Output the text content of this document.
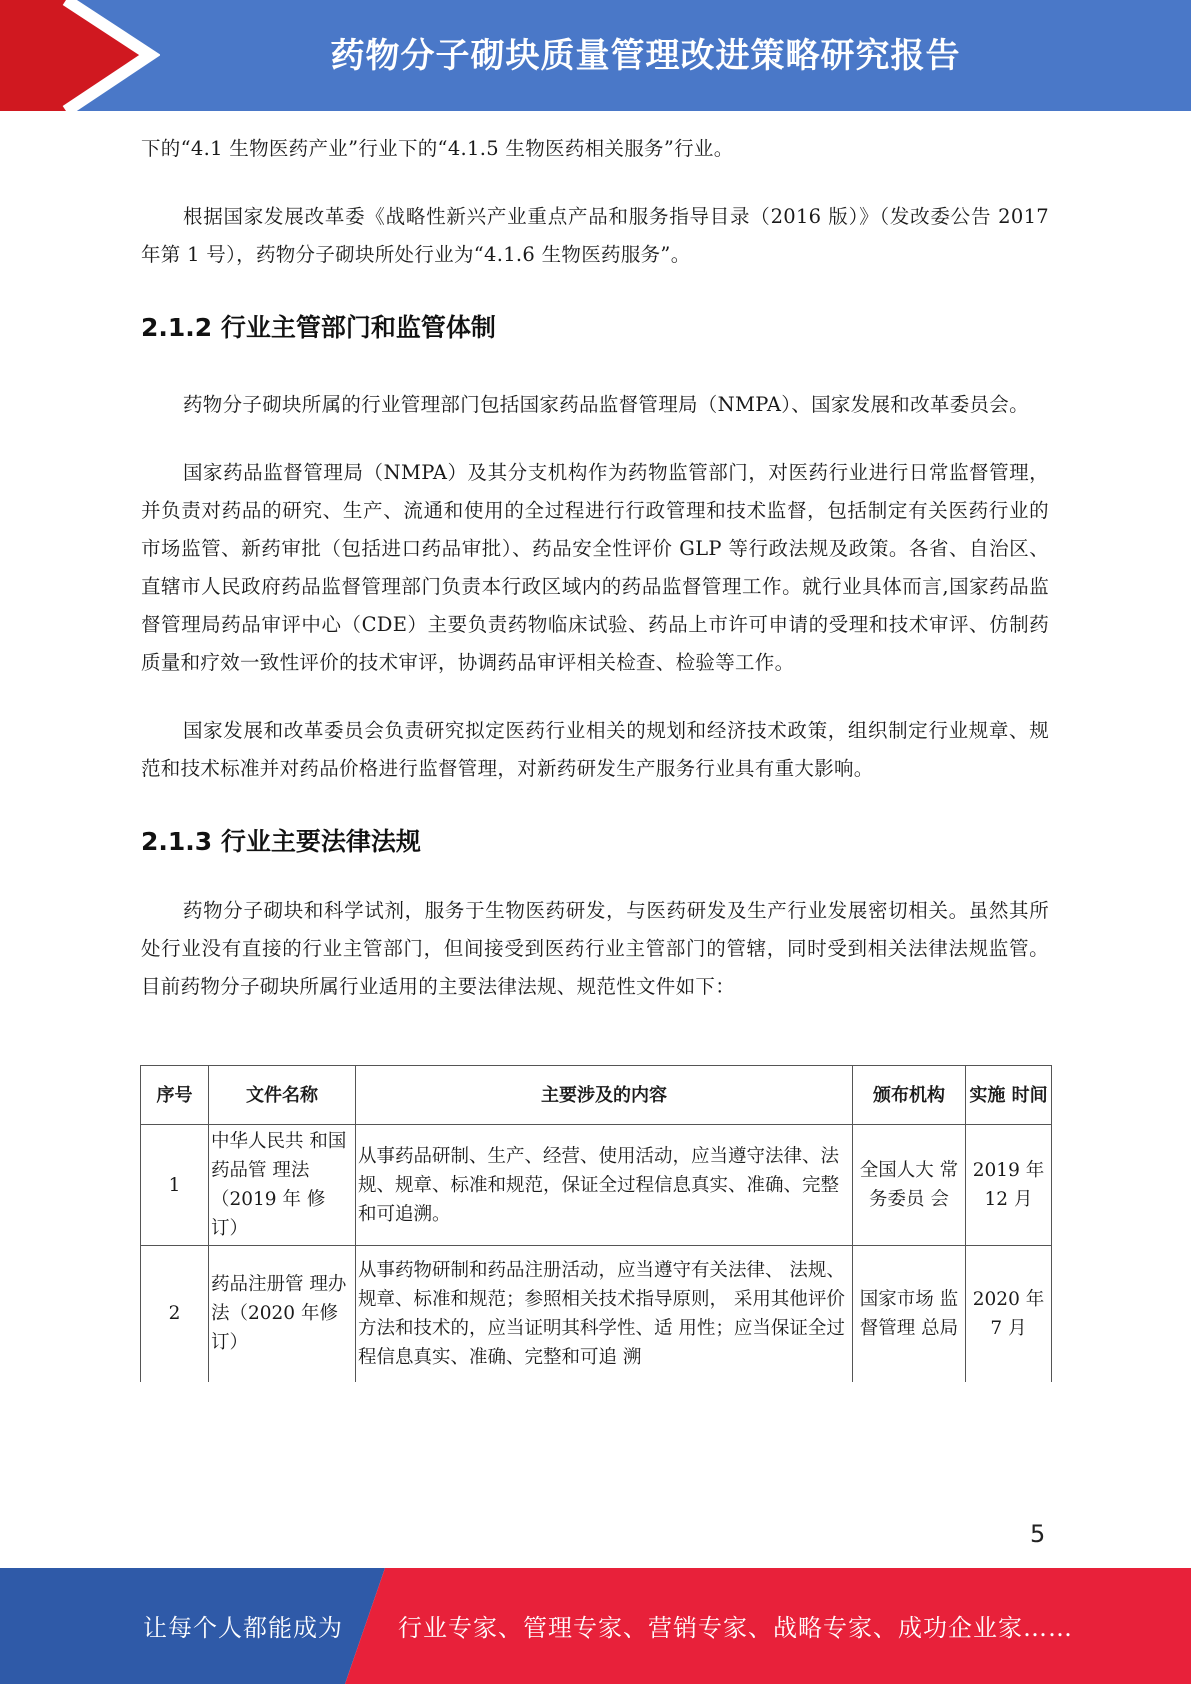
药物分子砌块质量管理改进策略研究报告

下的“4.1 生物医药产业”行业下的“4.1.5 生物医药相关服务”行业。

根据国家发展改革委《战略性新兴产业重点产品和服务指导目录（2016 版）》（发改委公告 2017 年第 1 号），药物分子砌块所处行业为“4.1.6 生物医药服务”。

2.1.2 行业主管部门和监管体制

药物分子砌块所属的行业管理部门包括国家药品监督管理局（NMPA）、国家发展和改革委员会。

国家药品监督管理局（NMPA）及其分支机构作为药物监管部门，对医药行业进行日常监督管理，并负责对药品的研究、生产、流通和使用的全过程进行行政管理和技术监督，包括制定有关医药行业的市场监管、新药审批（包括进口药品审批）、药品安全性评价 GLP 等行政法规及政策。各省、自治区、直辖市人民政府药品监督管理部门负责本行政区域内的药品监督管理工作。就行业具体而言,国家药品监督管理局药品审评中心（CDE）主要负责药物临床试验、药品上市许可申请的受理和技术审评、仿制药质量和疗效一致性评价的技术审评，协调药品审评相关检查、检验等工作。

国家发展和改革委员会负责研究拟定医药行业相关的规划和经济技术政策，组织制定行业规章、规范和技术标准并对药品价格进行监督管理，对新药研发生产服务行业具有重大影响。

2.1.3 行业主要法律法规

药物分子砌块和科学试剂，服务于生物医药研发，与医药研发及生产行业发展密切相关。虽然其所处行业没有直接的行业主管部门，但间接受到医药行业主管部门的管辖，同时受到相关法律法规监管。目前药物分子砌块所属行业适用的主要法律法规、规范性文件如下：

序号	文件名称	主要涉及的内容	颁布机构	实施 时间
1	中华人民共 和国药品管 理法（2019 年 修订）	从事药品研制、生产、经营、使用活动，应当遵守法律、法规、规章、标准和规范，保证全过程信息真实、准确、完整和可追溯。	全国人大 常务委员 会	2019 年 12 月
2	药品注册管 理办法（2020 年修订）	从事药物研制和药品注册活动，应当遵守有关法律、 法规、规章、标准和规范；参照相关技术指导原则， 采用其他评价方法和技术的，应当证明其科学性、适 用性；应当保证全过程信息真实、准确、完整和可追 溯	国家市场 监督管理 总局	2020 年 7 月
5
让每个人都能成为 行业专家、管理专家、营销专家、战略专家、成功企业家……
